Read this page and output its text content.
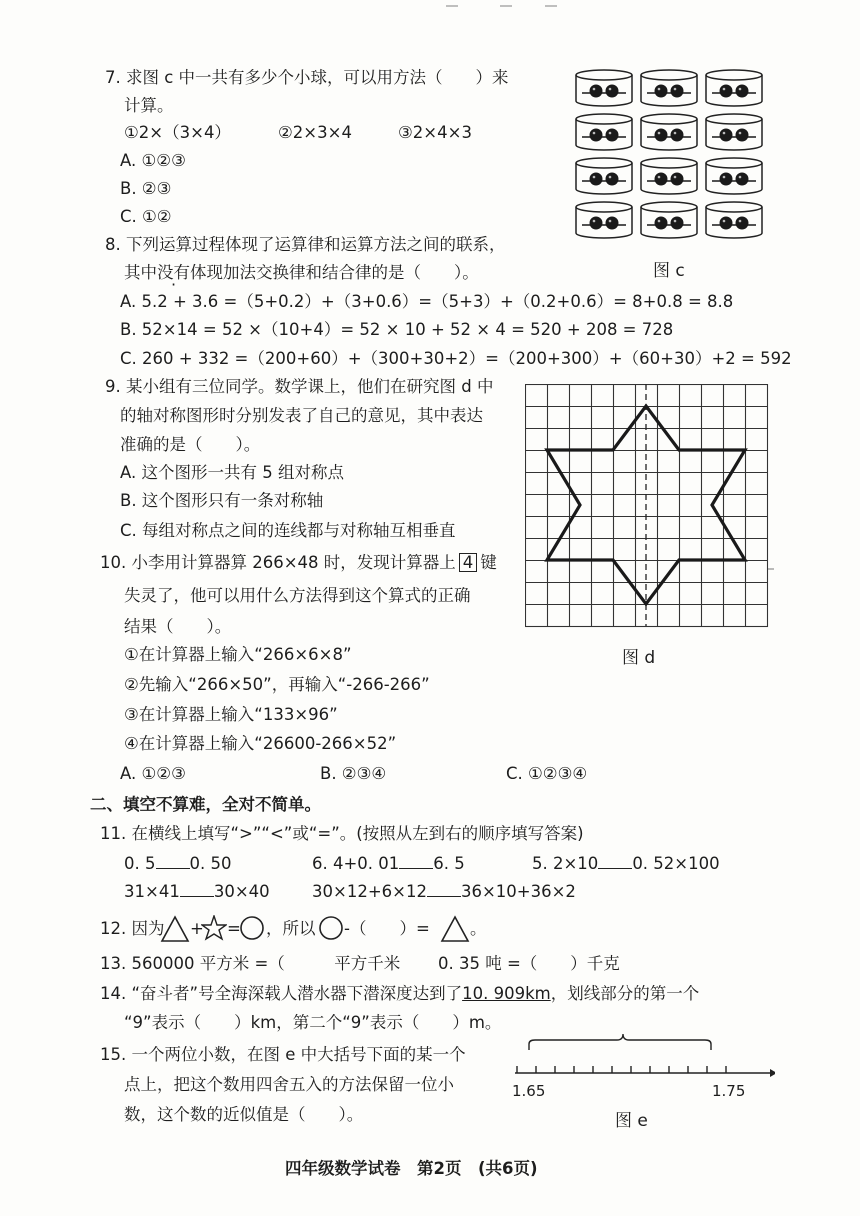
7. 求图 c 中一共有多少个小球，可以用方法（　　）来
计算。
①2×（3×4）	②2×3×4	③2×4×3
A. ①②③
B. ②③
C. ①②
图 c
8. 下列运算过程体现了运算律和运算方法之间的联系，
其中没有体现加法交换律和结合律的是（　　）。
A. 5.2 + 3.6 =（5+0.2）+（3+0.6）=（5+3）+（0.2+0.6）= 8+0.8 = 8.8
B. 52×14 = 52 ×（10+4）= 52 × 10 + 52 × 4 = 520 + 208 = 728
C. 260 + 332 =（200+60）+（300+30+2）=（200+300）+（60+30）+2 = 592
9. 某小组有三位同学。数学课上，他们在研究图 d 中
的轴对称图形时分别发表了自己的意见，其中表达
准确的是（　　）。
A. 这个图形一共有 5 组对称点
B. 这个图形只有一条对称轴
C. 每组对称点之间的连线都与对称轴互相垂直
图 d
10. 小李用计算器算 266×48 时，发现计算器上 4 键
失灵了，他可以用什么方法得到这个算式的正确
结果（　　）。
①在计算器上输入“266×6×8”
②先输入“266×50”，再输入“-266-266”
③在计算器上输入“133×96”
④在计算器上输入“26600-266×52”
A. ①②③	B. ②③④	C. ①②③④
二、填空不算难，全对不简单。
11. 在横线上填写“>”“<”或“=”。(按照从左到右的顺序填写答案)
0. 5 0. 50	6. 4+0. 01 6. 5	5. 2×10 0. 52×100
31×41 30×40	30×12+6×12 36×10+36×2
12. 因为 + = ，所以 -（　　）= 。
13. 560000 平方米 =（　　　平方千米 0. 35 吨 =（　　）千克
14. “奋斗者”号全海深载人潜水器下潜深度达到了10. 909km，划线部分的第一个
“9”表示（　　）km，第二个“9”表示（　　）m。
15. 一个两位小数，在图 e 中大括号下面的某一个
点上，把这个数用四舍五入的方法保留一位小
数，这个数的近似值是（　　）。
1.65	1.75
图 e
四年级数学试卷　第2页　(共6页)
